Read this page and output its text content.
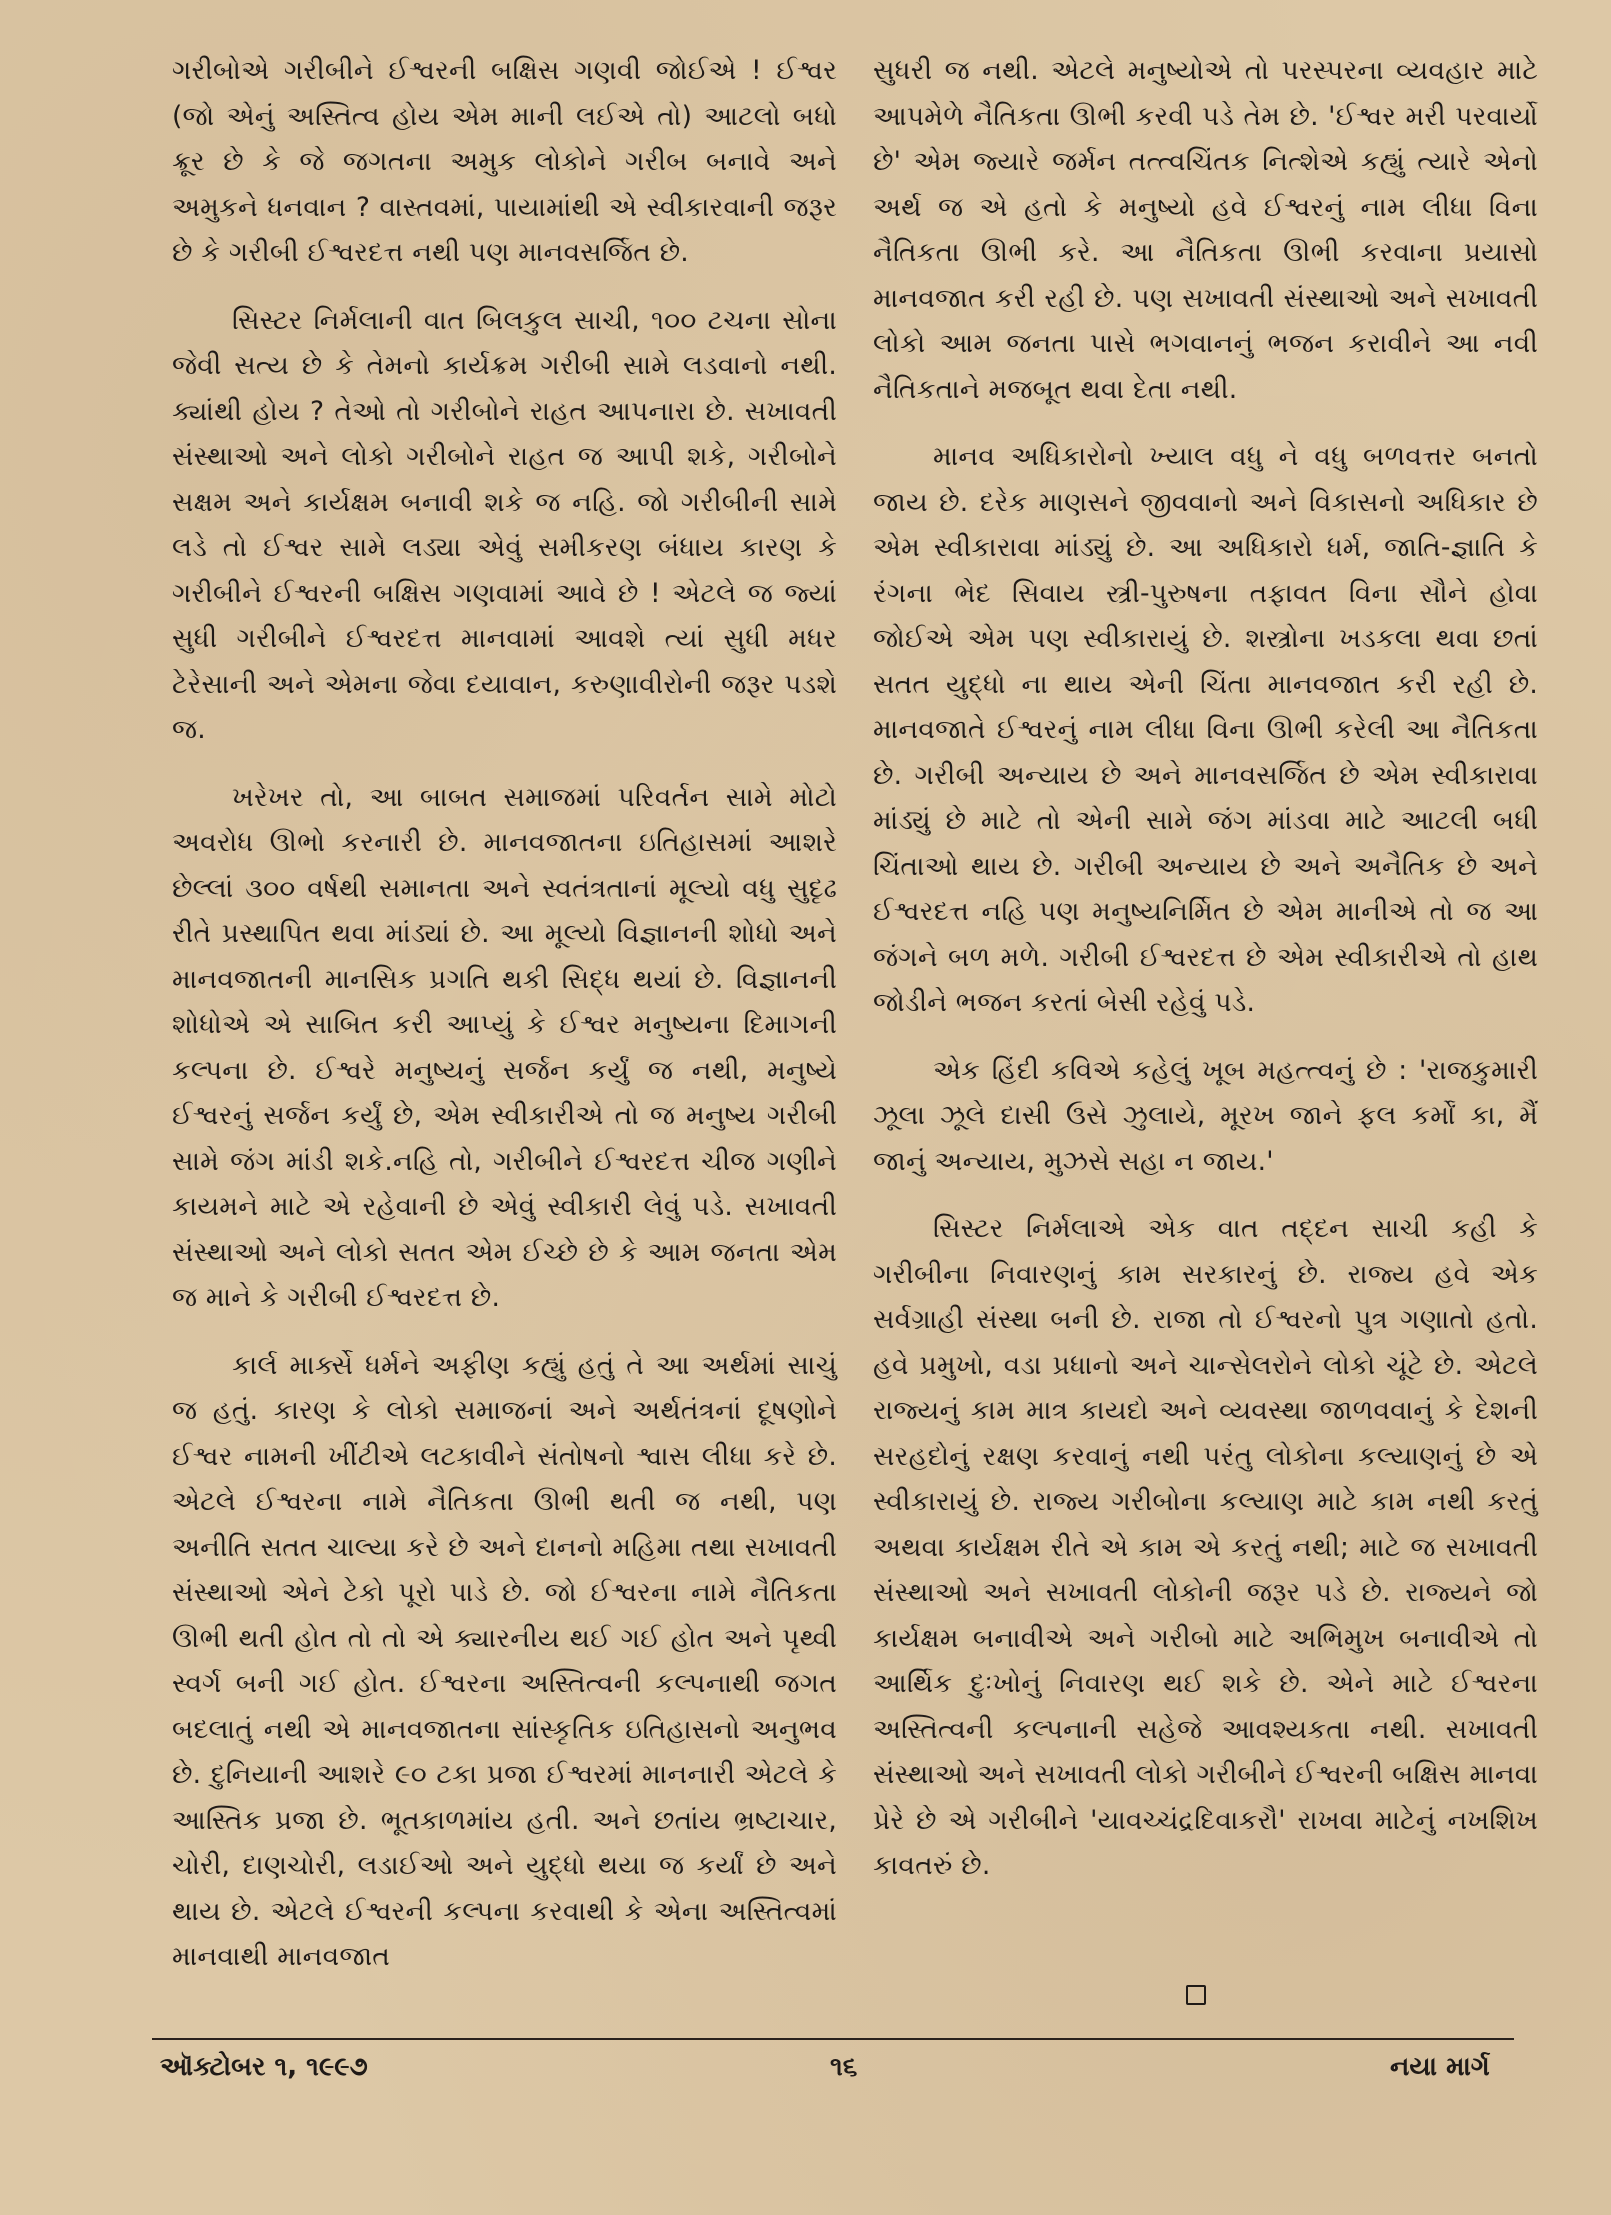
ગરીબોએ ગરીબીને ઈશ્વરની બક્ષિસ ગણવી જોઈએ ! ઈશ્વર (જો એનું અસ્તિત્વ હોય એમ માની લઈએ તો) આટલો બધો ક્રૂર છે કે જે જગતના અમુક લોકોને ગરીબ બનાવે અને અમુકને ધનવાન ? વાસ્તવમાં, પાયામાંથી એ સ્વીકારવાની જરૂર છે કે ગરીબી ઈશ્વરદત્ત નથી પણ માનવસર્જિત છે.

સિસ્ટર નિર્મલાની વાત બિલકુલ સાચી, ૧૦૦ ટચના સોના જેવી સત્ય છે કે તેમનો કાર્યક્રમ ગરીબી સામે લડવાનો નથી. ક્યાંથી હોય ? તેઓ તો ગરીબોને રાહત આપનારા છે. સખાવતી સંસ્થાઓ અને લોકો ગરીબોને રાહત જ આપી શકે, ગરીબોને સક્ષમ અને કાર્યક્ષમ બનાવી શકે જ નહિ. જો ગરીબીની સામે લડે તો ઈશ્વર સામે લડ્યા એવું સમીકરણ બંધાય કારણ કે ગરીબીને ઈશ્વરની બક્ષિસ ગણવામાં આવે છે ! એટલે જ જ્યાં સુધી ગરીબીને ઈશ્વરદત્ત માનવામાં આવશે ત્યાં સુધી મધર ટેરેસાની અને એમના જેવા દયાવાન, કરુણાવીરોની જરૂર પડશે જ.

ખરેખર તો, આ બાબત સમાજમાં પરિવર્તન સામે મોટો અવરોધ ઊભો કરનારી છે. માનવજાતના ઇતિહાસમાં આશરે છેલ્લાં ૩૦૦ વર્ષથી સમાનતા અને સ્વતંત્રતાનાં મૂલ્યો વધુ સુદૃઢ રીતે પ્રસ્થાપિત થવા માંડ્યાં છે. આ મૂલ્યો વિજ્ઞાનની શોધો અને માનવજાતની માનસિક પ્રગતિ થકી સિદ્ધ થયાં છે. વિજ્ઞાનની શોધોએ એ સાબિત કરી આપ્યું કે ઈશ્વર મનુષ્યના દિમાગની કલ્પના છે. ઈશ્વરે મનુષ્યનું સર્જન કર્યું જ નથી, મનુષ્યે ઈશ્વરનું સર્જન કર્યું છે, એમ સ્વીકારીએ તો જ મનુષ્ય ગરીબી સામે જંગ માંડી શકે.નહિ તો, ગરીબીને ઈશ્વરદત્ત ચીજ ગણીને કાયમને માટે એ રહેવાની છે એવું સ્વીકારી લેવું પડે. સખાવતી સંસ્થાઓ અને લોકો સતત એમ ઈચ્છે છે કે આમ જનતા એમ જ માને કે ગરીબી ઈશ્વરદત્ત છે.

કાર્લ માર્ક્સે ધર્મને અફીણ કહ્યું હતું તે આ અર્થમાં સાચું જ હતું. કારણ કે લોકો સમાજનાં અને અર્થતંત્રનાં દૂષણોને ઈશ્વર નામની ખીંટીએ લટકાવીને સંતોષનો શ્વાસ લીધા કરે છે. એટલે ઈશ્વરના નામે નૈતિકતા ઊભી થતી જ નથી, પણ અનીતિ સતત ચાલ્યા કરે છે અને દાનનો મહિમા તથા સખાવતી સંસ્થાઓ એને ટેકો પૂરો પાડે છે. જો ઈશ્વરના નામે નૈતિકતા ઊભી થતી હોત તો તો એ ક્યારનીય થઈ ગઈ હોત અને પૃથ્વી સ્વર્ગ બની ગઈ હોત. ઈશ્વરના અસ્તિત્વની કલ્પનાથી જગત બદલાતું નથી એ માનવજાતના સાંસ્કૃતિક ઇતિહાસનો અનુભવ છે. દુનિયાની આશરે ૯૦ ટકા પ્રજા ઈશ્વરમાં માનનારી એટલે કે આસ્તિક પ્રજા છે. ભૂતકાળમાંય હતી. અને છતાંય ભ્રષ્ટાચાર, ચોરી, દાણચોરી, લડાઈઓ અને યુદ્ધો થયા જ કર્યાં છે અને થાય છે. એટલે ઈશ્વરની કલ્પના કરવાથી કે એના અસ્તિત્વમાં માનવાથી માનવજાત

સુધરી જ નથી. એટલે મનુષ્યોએ તો પરસ્પરના વ્યવહાર માટે આપમેળે નૈતિકતા ઊભી કરવી પડે તેમ છે. 'ઈશ્વર મરી પરવાર્યો છે' એમ જ્યારે જર્મન તત્ત્વચિંતક નિત્શેએ કહ્યું ત્યારે એનો અર્થ જ એ હતો કે મનુષ્યો હવે ઈશ્વરનું નામ લીધા વિના નૈતિકતા ઊભી કરે. આ નૈતિકતા ઊભી કરવાના પ્રયાસો માનવજાત કરી રહી છે. પણ સખાવતી સંસ્થાઓ અને સખાવતી લોકો આમ જનતા પાસે ભગવાનનું ભજન કરાવીને આ નવી નૈતિકતાને મજબૂત થવા દેતા નથી.

માનવ અધિકારોનો ખ્યાલ વધુ ને વધુ બળવત્તર બનતો જાય છે. દરેક માણસને જીવવાનો અને વિકાસનો અધિકાર છે એમ સ્વીકારાવા માંડ્યું છે. આ અધિકારો ધર્મ, જાતિ-જ્ઞાતિ કે રંગના ભેદ સિવાય સ્ત્રી-પુરુષના તફાવત વિના સૌને હોવા જોઈએ એમ પણ સ્વીકારાયું છે. શસ્ત્રોના ખડકલા થવા છતાં સતત યુદ્ધો ના થાય એની ચિંતા માનવજાત કરી રહી છે. માનવજાતે ઈશ્વરનું નામ લીધા વિના ઊભી કરેલી આ નૈતિકતા છે. ગરીબી અન્યાય છે અને માનવસર્જિત છે એમ સ્વીકારાવા માંડ્યું છે માટે તો એની સામે જંગ માંડવા માટે આટલી બધી ચિંતાઓ થાય છે. ગરીબી અન્યાય છે અને અનૈતિક છે અને ઈશ્વરદત્ત નહિ પણ મનુષ્યનિર્મિત છે એમ માનીએ તો જ આ જંગને બળ મળે. ગરીબી ઈશ્વરદત્ત છે એમ સ્વીકારીએ તો હાથ જોડીને ભજન કરતાં બેસી રહેવું પડે.

એક હિંદી કવિએ કહેલું ખૂબ મહત્ત્વનું છે : 'રાજકુમારી ઝૂલા ઝૂલે દાસી ઉસે ઝુલાયે, મૂરખ જાને ફલ કર્મોં કા, મૈં જાનું અન્યાય, મુઝસે સહા ન જાય.'

સિસ્ટર નિર્મલાએ એક વાત તદ્દન સાચી કહી કે ગરીબીના નિવારણનું કામ સરકારનું છે. રાજ્ય હવે એક સર્વગ્રાહી સંસ્થા બની છે. રાજા તો ઈશ્વરનો પુત્ર ગણાતો હતો. હવે પ્રમુખો, વડા પ્રધાનો અને ચાન્સેલરોને લોકો ચૂંટે છે. એટલે રાજ્યનું કામ માત્ર કાયદો અને વ્યવસ્થા જાળવવાનું કે દેશની સરહદોનું રક્ષણ કરવાનું નથી પરંતુ લોકોના કલ્યાણનું છે એ સ્વીકારાયું છે. રાજ્ય ગરીબોના કલ્યાણ માટે કામ નથી કરતું અથવા કાર્યક્ષમ રીતે એ કામ એ કરતું નથી; માટે જ સખાવતી સંસ્થાઓ અને સખાવતી લોકોની જરૂર પડે છે. રાજ્યને જો કાર્યક્ષમ બનાવીએ અને ગરીબો માટે અભિમુખ બનાવીએ તો આર્થિક દુઃખોનું નિવારણ થઈ શકે છે. એને માટે ઈશ્વરના અસ્તિત્વની કલ્પનાની સહેજે આવશ્યકતા નથી. સખાવતી સંસ્થાઓ અને સખાવતી લોકો ગરીબીને ઈશ્વરની બક્ષિસ માનવા પ્રેરે છે એ ગરીબીને 'યાવચ્ચંદ્રદિવાકરૌ' રાખવા માટેનું નખશિખ કાવતરું છે.

ઑક્ટોબર ૧, ૧૯૯૭	૧૬	નયા માર્ગ
